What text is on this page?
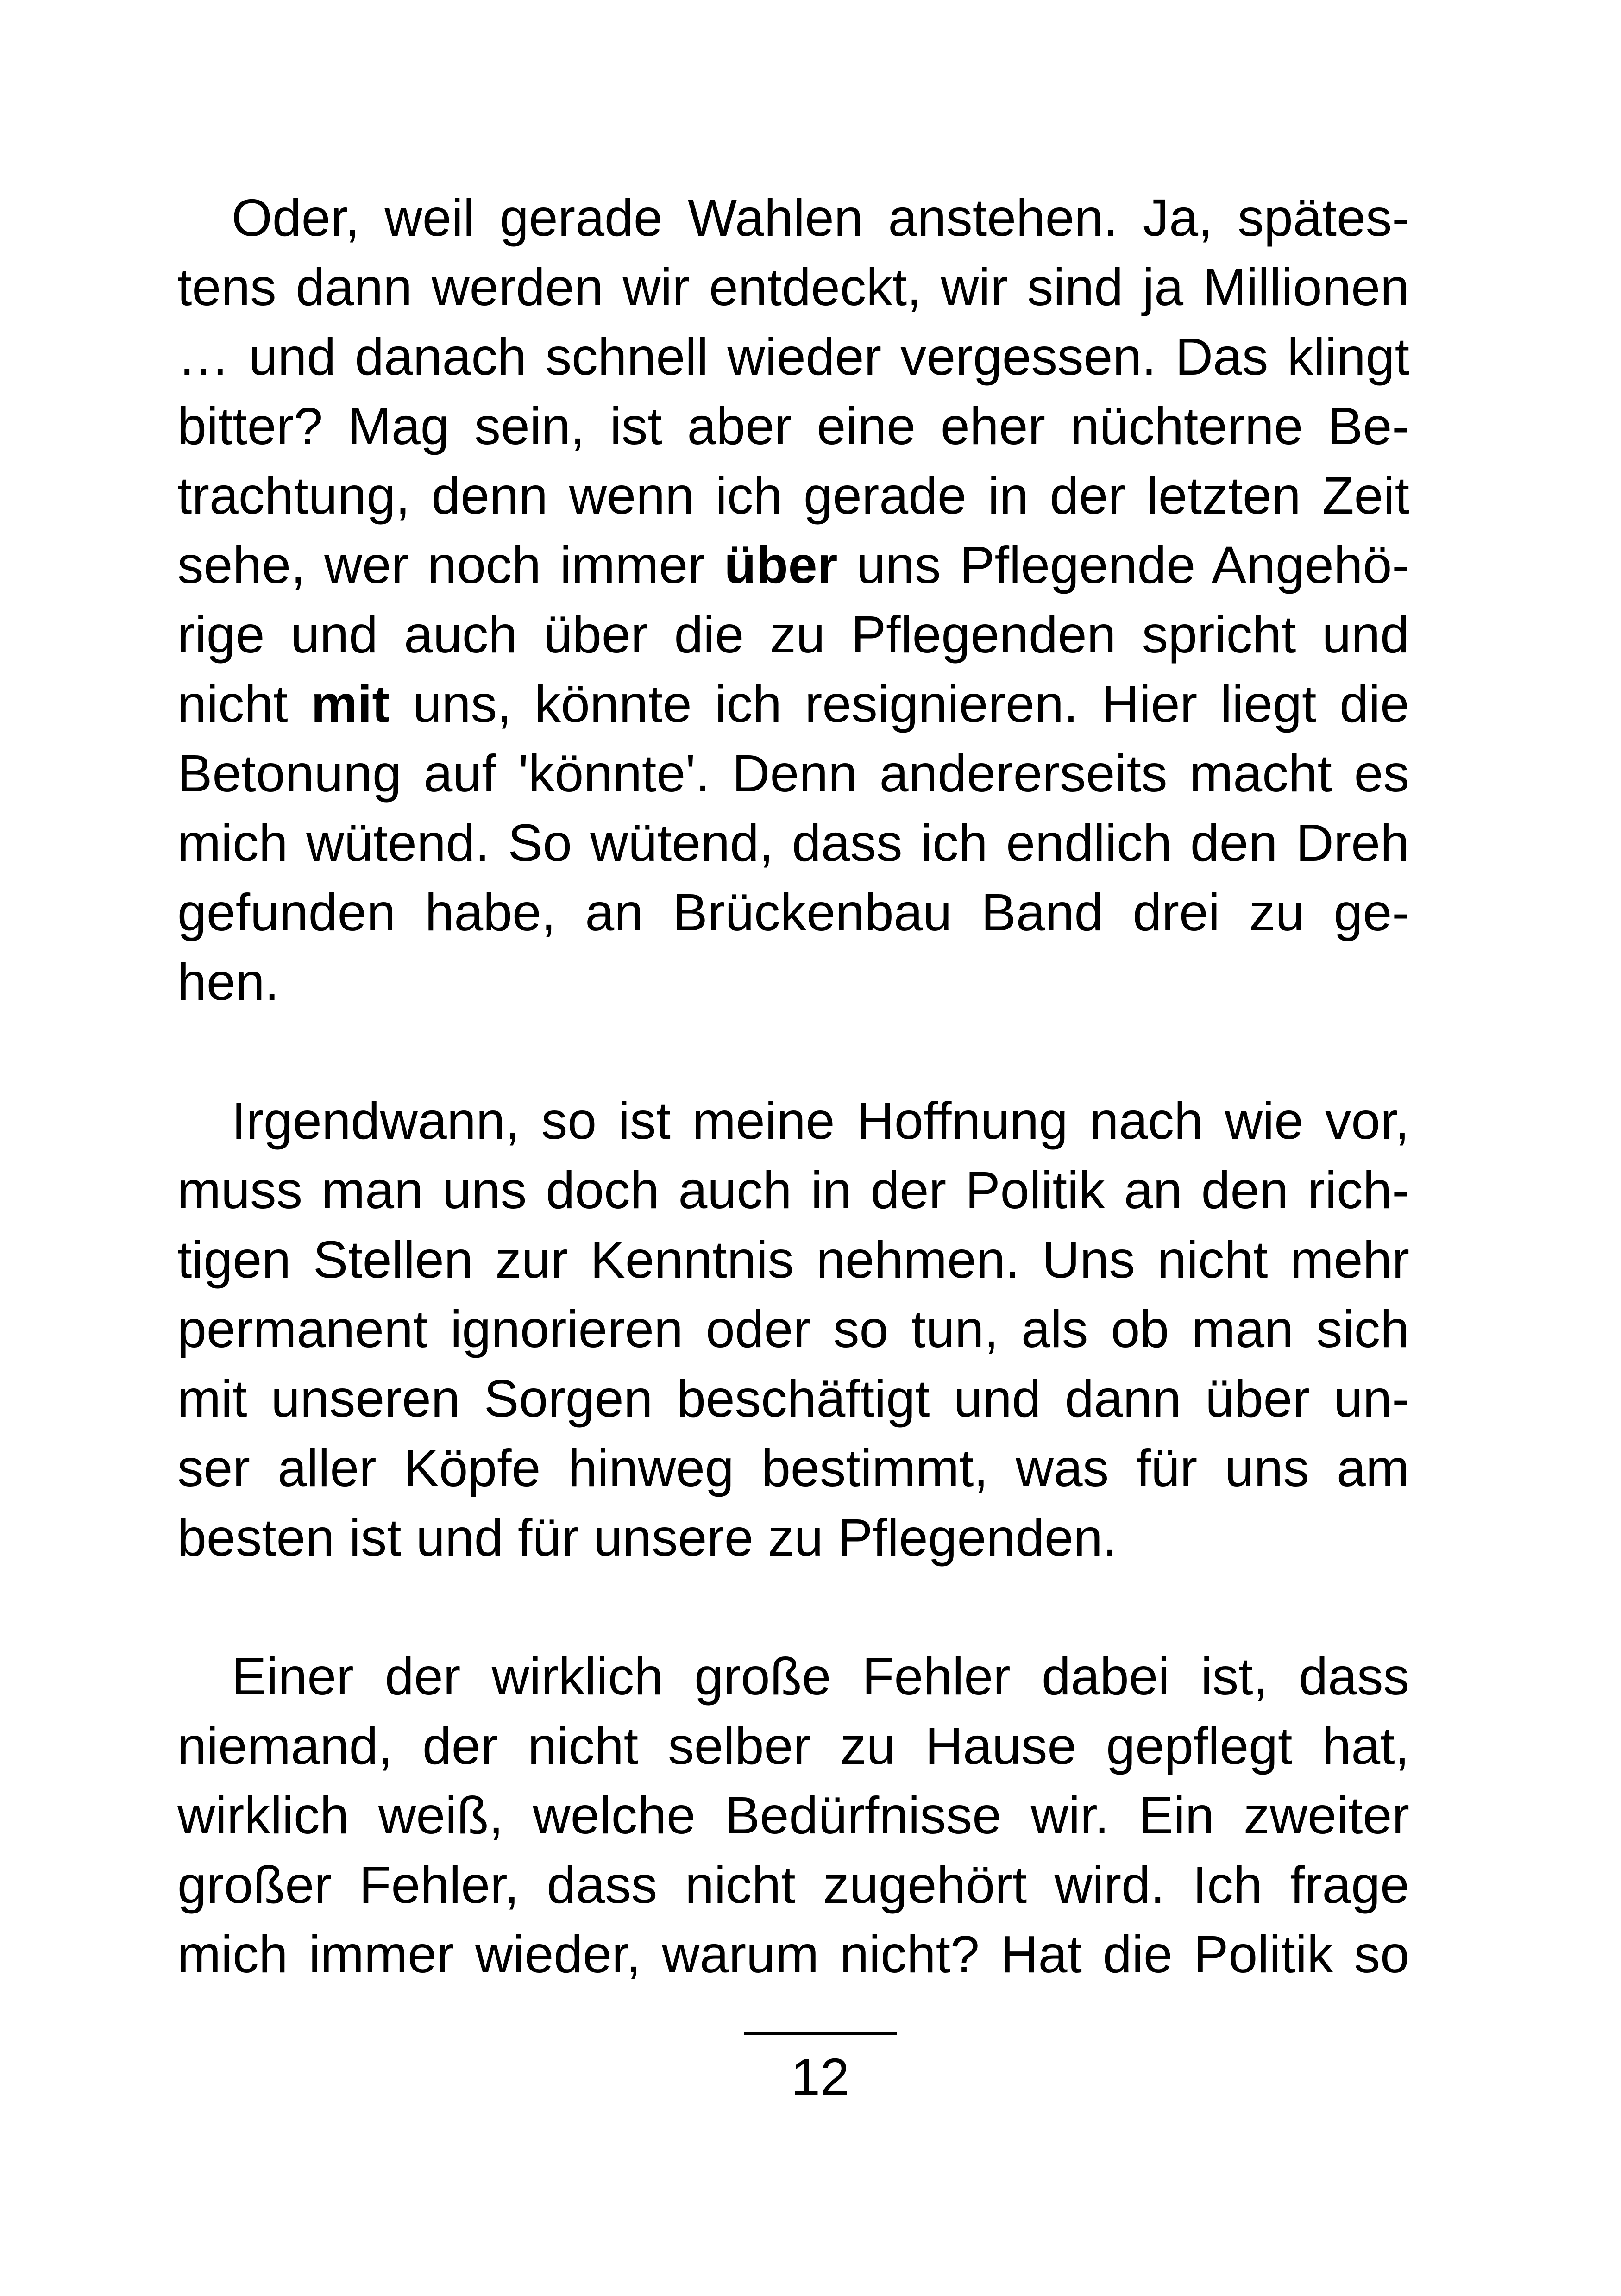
Oder, weil gerade Wahlen anstehen. Ja, spätes-
tens dann werden wir entdeckt, wir sind ja Millionen
… und danach schnell wieder vergessen. Das klingt
bitter? Mag sein, ist aber eine eher nüchterne Be-
trachtung, denn wenn ich gerade in der letzten Zeit
sehe, wer noch immer über uns Pflegende Angehö-
rige und auch über die zu Pflegenden spricht und
nicht mit uns, könnte ich resignieren. Hier liegt die
Betonung auf 'könnte'. Denn andererseits macht es
mich wütend. So wütend, dass ich endlich den Dreh
gefunden habe, an Brückenbau Band drei zu ge-
hen.
Irgendwann, so ist meine Hoffnung nach wie vor,
muss man uns doch auch in der Politik an den rich-
tigen Stellen zur Kenntnis nehmen. Uns nicht mehr
permanent ignorieren oder so tun, als ob man sich
mit unseren Sorgen beschäftigt und dann über un-
ser aller Köpfe hinweg bestimmt, was für uns am
besten ist und für unsere zu Pflegenden.
Einer der wirklich große Fehler dabei ist, dass
niemand, der nicht selber zu Hause gepflegt hat,
wirklich weiß, welche Bedürfnisse wir. Ein zweiter
großer Fehler, dass nicht zugehört wird. Ich frage
mich immer wieder, warum nicht? Hat die Politik so
12
